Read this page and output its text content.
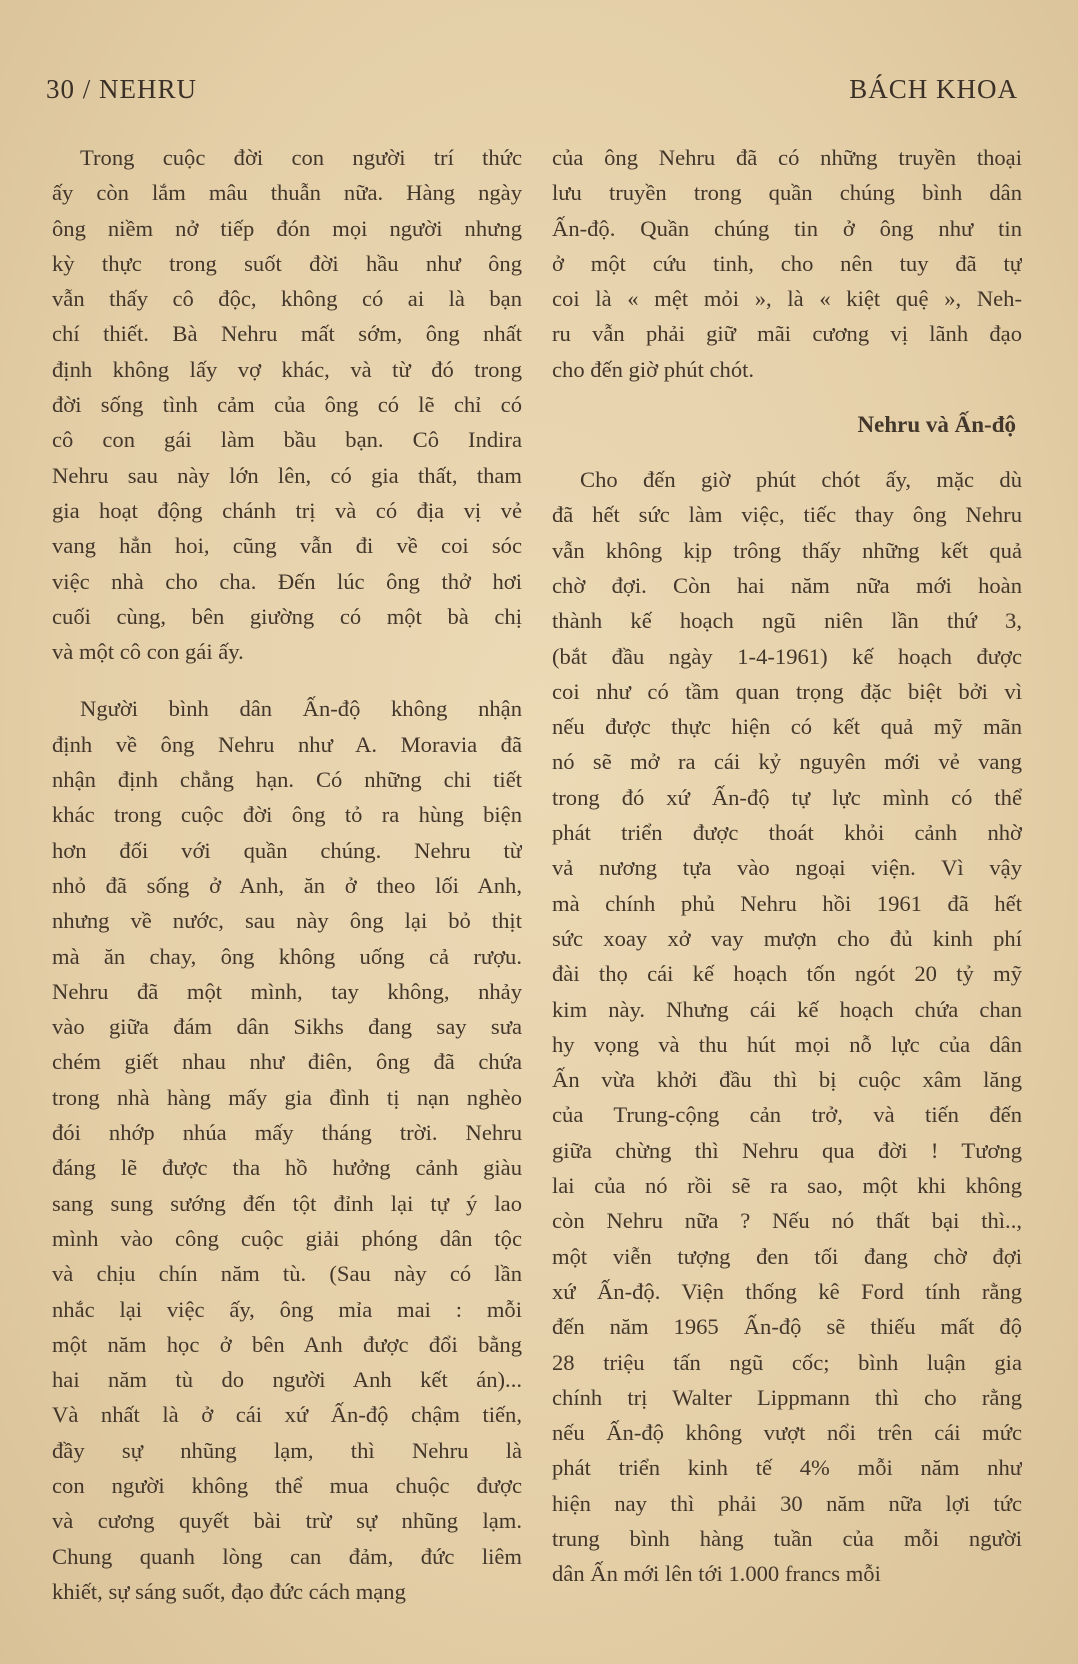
30 / NEHRU	BÁCH KHOA
Trong cuộc đời con người trí thức
ấy còn lắm mâu thuẫn nữa. Hàng ngày
ông niềm nở tiếp đón mọi người nhưng
kỳ thực trong suốt đời hầu như ông
vẫn thấy cô độc, không có ai là bạn
chí thiết. Bà Nehru mất sớm, ông nhất
định không lấy vợ khác, và từ đó trong
đời sống tình cảm của ông có lẽ chỉ có
cô con gái làm bầu bạn. Cô Indira
Nehru sau này lớn lên, có gia thất, tham
gia hoạt động chánh trị và có địa vị vẻ
vang hẳn hoi, cũng vẫn đi về coi sóc
việc nhà cho cha. Đến lúc ông thở hơi
cuối cùng, bên giường có một bà chị
và một cô con gái ấy.
Người bình dân Ấn-độ không nhận
định về ông Nehru như A. Moravia đã
nhận định chẳng hạn. Có những chi tiết
khác trong cuộc đời ông tỏ ra hùng biện
hơn đối với quần chúng. Nehru từ
nhỏ đã sống ở Anh, ăn ở theo lối Anh,
nhưng về nước, sau này ông lại bỏ thịt
mà ăn chay, ông không uống cả rượu.
Nehru đã một mình, tay không, nhảy
vào giữa đám dân Sikhs đang say sưa
chém giết nhau như điên, ông đã chứa
trong nhà hàng mấy gia đình tị nạn nghèo
đói nhớp nhúa mấy tháng trời. Nehru
đáng lẽ được tha hồ hưởng cảnh giàu
sang sung sướng đến tột đỉnh lại tự ý lao
mình vào công cuộc giải phóng dân tộc
và chịu chín năm tù. (Sau này có lần
nhắc lại việc ấy, ông mỉa mai : mỗi
một năm học ở bên Anh được đổi bằng
hai năm tù do người Anh kết án)...
Và nhất là ở cái xứ Ấn-độ chậm tiến,
đầy sự nhũng lạm, thì Nehru là
con người không thể mua chuộc được
và cương quyết bài trừ sự nhũng lạm.
Chung quanh lòng can đảm, đức liêm
khiết, sự sáng suốt, đạo đức cách mạng
của ông Nehru đã có những truyền thoại
lưu truyền trong quần chúng bình dân
Ấn-độ. Quần chúng tin ở ông như tin
ở một cứu tinh, cho nên tuy đã tự
coi là « mệt mỏi », là « kiệt quệ », Neh-
ru vẫn phải giữ mãi cương vị lãnh đạo
cho đến giờ phút chót.
Nehru và Ấn-độ
Cho đến giờ phút chót ấy, mặc dù
đã hết sức làm việc, tiếc thay ông Nehru
vẫn không kịp trông thấy những kết quả
chờ đợi. Còn hai năm nữa mới hoàn
thành kế hoạch ngũ niên lần thứ 3,
(bắt đầu ngày 1-4-1961) kế hoạch được
coi như có tầm quan trọng đặc biệt bởi vì
nếu được thực hiện có kết quả mỹ mãn
nó sẽ mở ra cái kỷ nguyên mới vẻ vang
trong đó xứ Ấn-độ tự lực mình có thể
phát triển được thoát khỏi cảnh nhờ
vả nương tựa vào ngoại viện. Vì vậy
mà chính phủ Nehru hồi 1961 đã hết
sức xoay xở vay mượn cho đủ kinh phí
đài thọ cái kế hoạch tốn ngót 20 tỷ mỹ
kim này. Nhưng cái kế hoạch chứa chan
hy vọng và thu hút mọi nỗ lực của dân
Ấn vừa khởi đầu thì bị cuộc xâm lăng
của Trung-cộng cản trở, và tiến đến
giữa chừng thì Nehru qua đời ! Tương
lai của nó rồi sẽ ra sao, một khi không
còn Nehru nữa ? Nếu nó thất bại thì..,
một viễn tượng đen tối đang chờ đợi
xứ Ấn-độ. Viện thống kê Ford tính rằng
đến năm 1965 Ấn-độ sẽ thiếu mất độ
28 triệu tấn ngũ cốc; bình luận gia
chính trị Walter Lippmann thì cho rằng
nếu Ấn-độ không vượt nổi trên cái mức
phát triển kinh tế 4% mỗi năm như
hiện nay thì phải 30 năm nữa lợi tức
trung bình hàng tuần của mỗi người
dân Ấn mới lên tới 1.000 francs mỗi
